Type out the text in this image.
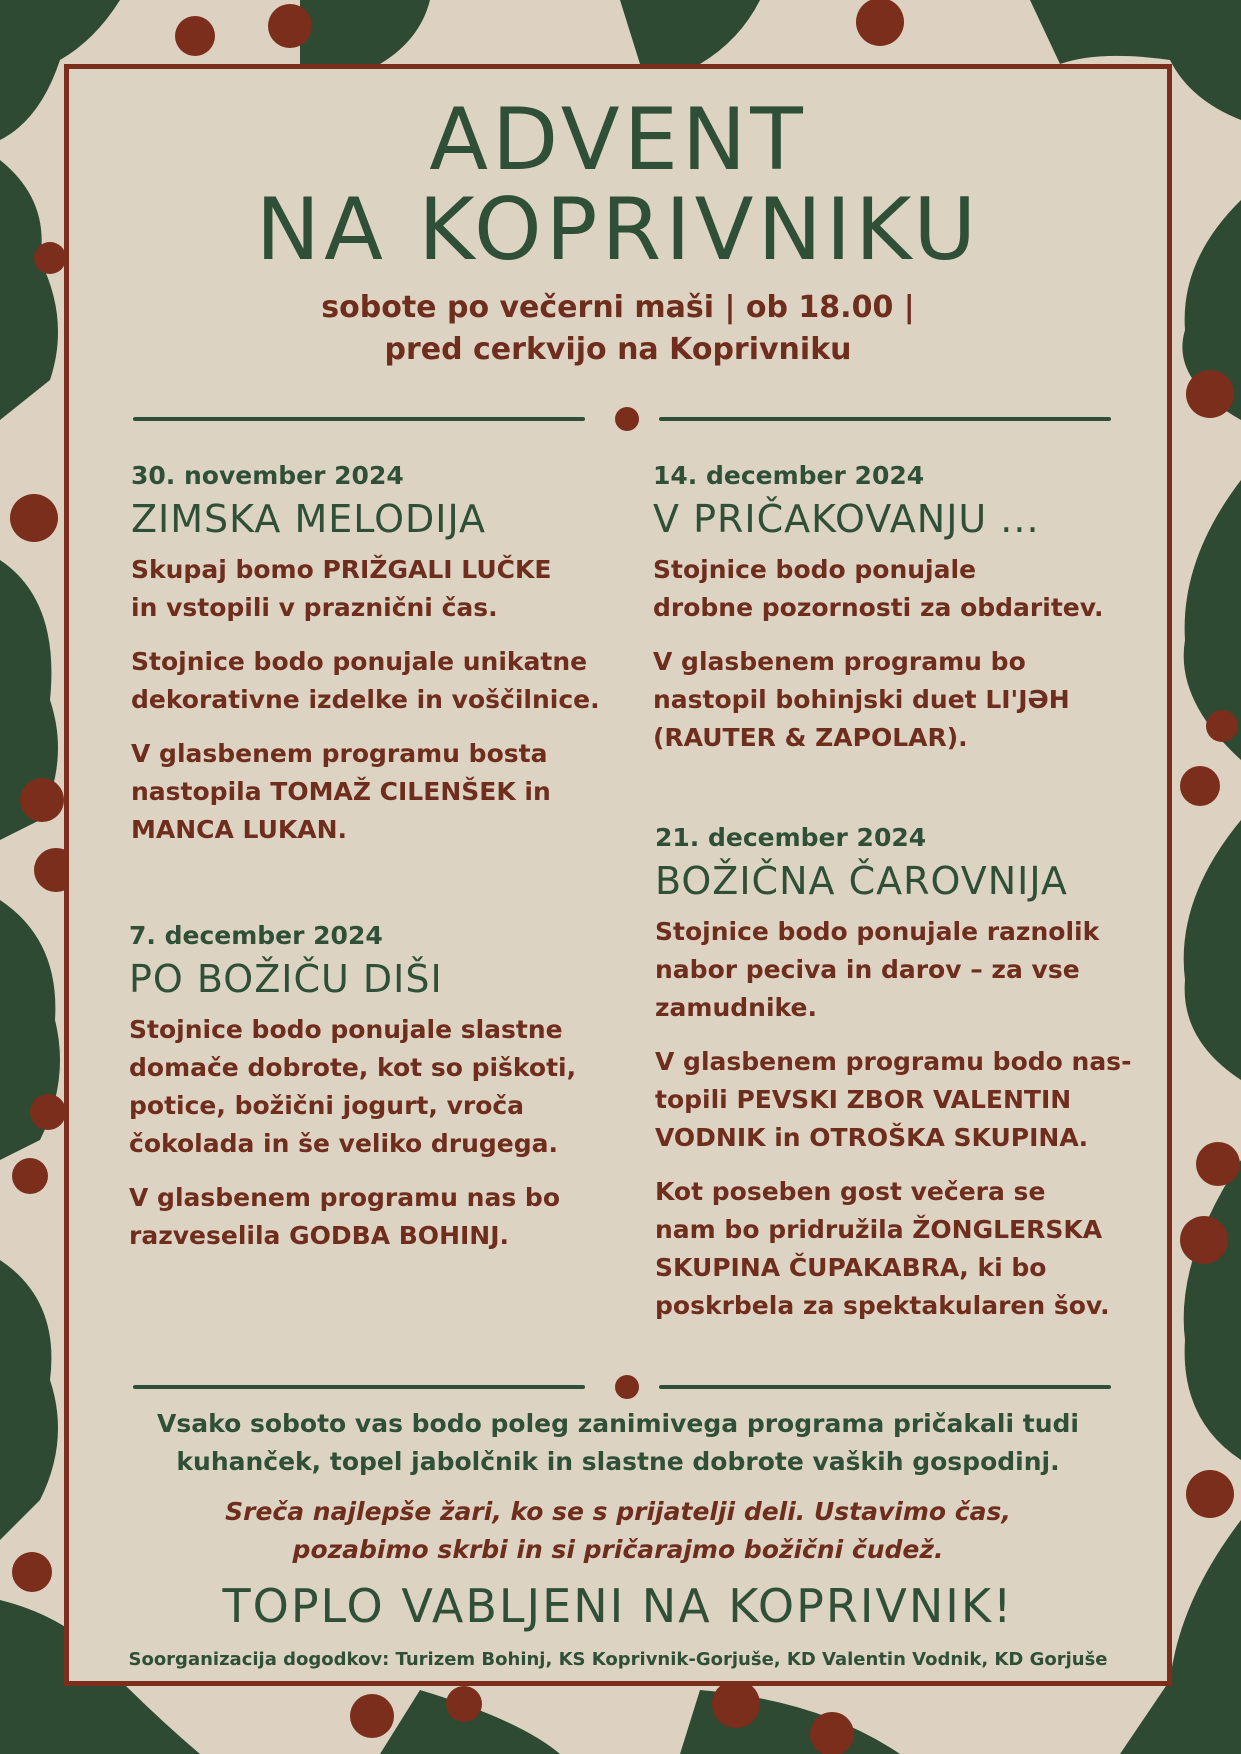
ADVENT
NA KOPRIVNIKU
sobote po večerni maši | ob 18.00 |
pred cerkvijo na Koprivniku
30. november 2024
ZIMSKA MELODIJA

Skupaj bomo PRIŽGALI LUČKE
in vstopili v praznični čas.

Stojnice bodo ponujale unikatne
dekorativne izdelke in voščilnice.

V glasbenem programu bosta
nastopila TOMAŽ CILENŠEK in
MANCA LUKAN.

7. december 2024
PO BOŽIČU DIŠI

Stojnice bodo ponujale slastne
domače dobrote, kot so piškoti,
potice, božični jogurt, vroča
čokolada in še veliko drugega.

V glasbenem programu nas bo
razveselila GODBA BOHINJ.

14. december 2024
V PRIČAKOVANJU ...

Stojnice bodo ponujale
drobne pozornosti za obdaritev.

V glasbenem programu bo
nastopil bohinjski duet LI'JƏH
(RAUTER & ZAPOLAR).

21. december 2024
BOŽIČNA ČAROVNIJA

Stojnice bodo ponujale raznolik
nabor peciva in darov – za vse
zamudnike.

V glasbenem programu bodo nas-
topili PEVSKI ZBOR VALENTIN
VODNIK in OTROŠKA SKUPINA.

Kot poseben gost večera se
nam bo pridružila ŽONGLERSKA
SKUPINA ČUPAKABRA, ki bo
poskrbela za spektakularen šov.

Vsako soboto vas bodo poleg zanimivega programa pričakali tudi
kuhanček, topel jabolčnik in slastne dobrote vaških gospodinj.
Sreča najlepše žari, ko se s prijatelji deli. Ustavimo čas,
pozabimo skrbi in si pričarajmo božični čudež.
TOPLO VABLJENI NA KOPRIVNIK!
Soorganizacija dogodkov: Turizem Bohinj, KS Koprivnik-Gorjuše, KD Valentin Vodnik, KD Gorjuše
